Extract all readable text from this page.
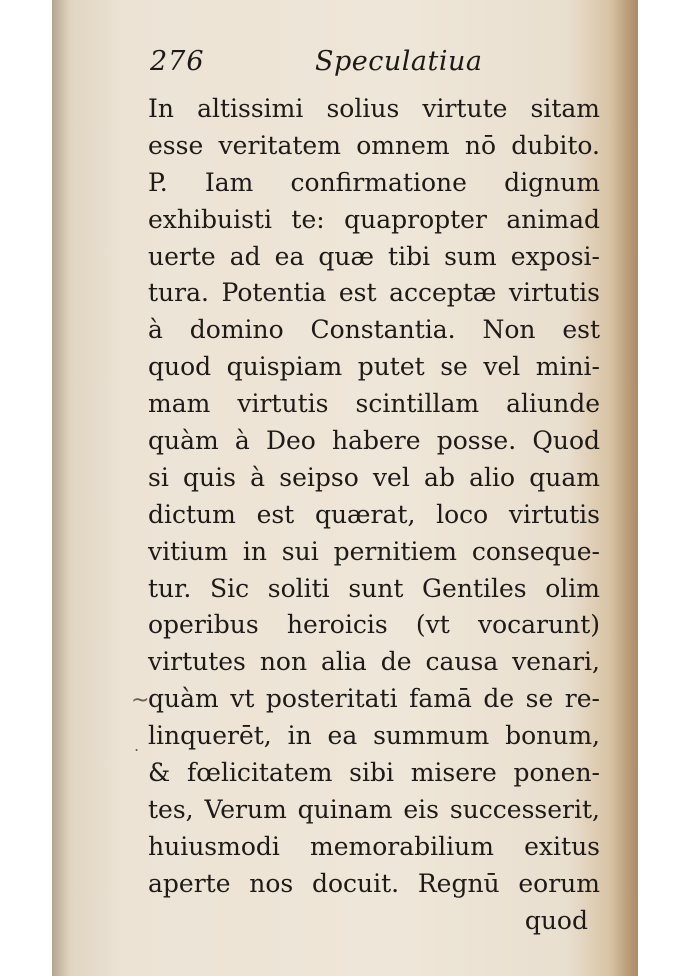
276	Speculatiua
~
.
In altissimi solius virtute sitam
esse veritatem omnem nō dubito.
P. Iam confirmatione dignum
exhibuisti te: quapropter animad
uerte ad ea quæ tibi sum exposi-
tura. Potentia est acceptæ virtutis
à domino Constantia. Non est
quod quispiam putet se vel mini-
mam virtutis scintillam aliunde
quàm à Deo habere posse. Quod
si quis à seipso vel ab alio quam
dictum est quærat, loco virtutis
vitium in sui pernitiem conseque-
tur. Sic soliti sunt Gentiles olim
operibus heroicis (vt vocarunt)
virtutes non alia de causa venari,
quàm vt posteritati famā de se re-
linquerēt, in ea summum bonum,
& fœlicitatem sibi misere ponen-
tes, Verum quinam eis successerit,
huiusmodi memorabilium exitus
aperte nos docuit. Regnū eorum
quod
